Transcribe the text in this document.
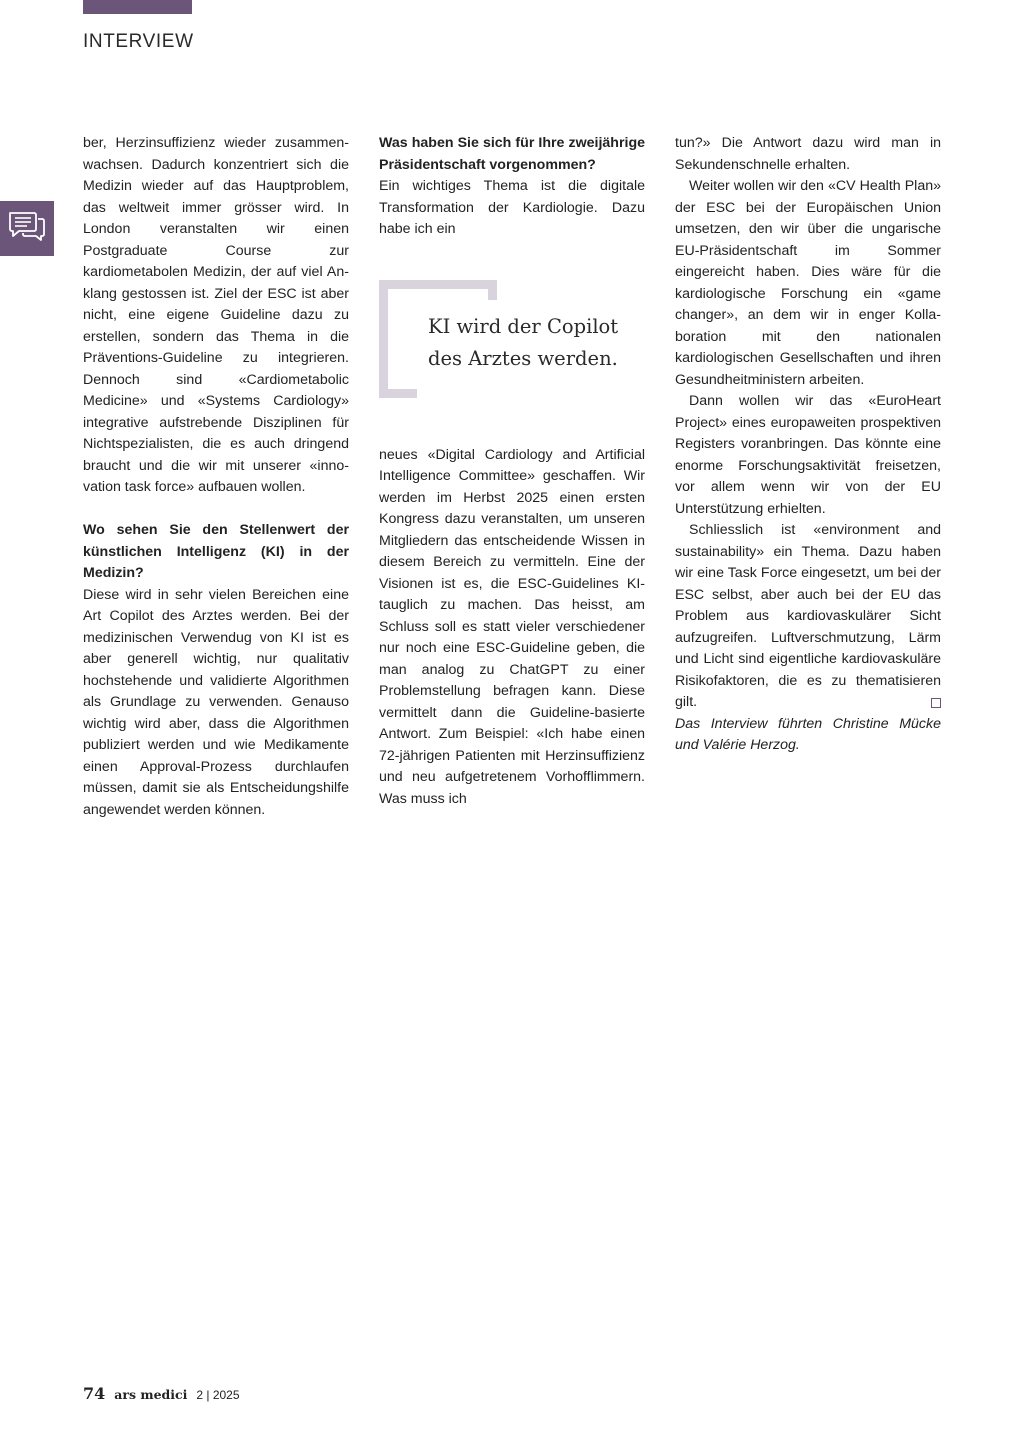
INTERVIEW

ber, Herzinsuffizienz wieder zusammenwachsen. Dadurch konzentriert sich die Medizin wieder auf das Hauptproblem, das weltweit immer grösser wird. In London veranstalten wir einen Postgraduate Course zur kardiometabolen Medizin, der auf viel Anklang gestossen ist. Ziel der ESC ist aber nicht, eine eigene Guideline dazu zu erstellen, sondern das Thema in die Präventions-Guideline zu integrieren. Dennoch sind «Cardiometabolic Medicine» und «Systems Cardiology» integrative aufstrebende Disziplinen für Nichtspezialisten, die es auch dringend braucht und die wir mit unserer «innovation task force» aufbauen wollen.

Wo sehen Sie den Stellenwert der künstlichen Intelligenz (KI) in der Medizin?

Diese wird in sehr vielen Bereichen eine Art Copilot des Arztes werden. Bei der medizinischen Verwendug von KI ist es aber generell wichtig, nur qualitativ hochstehende und validierte Algorithmen als Grundlage zu verwenden. Genauso wichtig wird aber, dass die Algorithmen publiziert werden und wie Medikamente einen Approval-Prozess durchlaufen müssen, damit sie als Entscheidungshilfe angewendet werden können.

Was haben Sie sich für Ihre zweijährige Präsidentschaft vorgenommen?

Ein wichtiges Thema ist die digitale Transformation der Kardiologie. Dazu habe ich ein

KI wird der Copilot des Arztes werden.

neues «Digital Cardiology and Artificial Intelligence Committee» geschaffen. Wir werden im Herbst 2025 einen ersten Kongress dazu veranstalten, um unseren Mitgliedern das entscheidende Wissen in diesem Bereich zu vermitteln. Eine der Visionen ist es, die ESC-Guidelines KI-tauglich zu machen. Das heisst, am Schluss soll es statt vieler verschiedener nur noch eine ESC-Guideline geben, die man analog zu ChatGPT zu einer Problemstellung befragen kann. Diese vermittelt dann die Guideline-basierte Antwort. Zum Beispiel: «Ich habe einen 72-jährigen Patienten mit Herzinsuffizienz und neu aufgetretenem Vorhofflimmern. Was muss ich

tun?» Die Antwort dazu wird man in Sekundenschnelle erhalten.

Weiter wollen wir den «CV Health Plan» der ESC bei der Europäischen Union umsetzen, den wir über die ungarische EU-Präsidentschaft im Sommer eingereicht haben. Dies wäre für die kardiologische Forschung ein «game changer», an dem wir in enger Kollaboration mit den nationalen kardiologischen Gesellschaften und ihren Gesundheitministern arbeiten.

Dann wollen wir das «EuroHeart Project» eines europaweiten prospektiven Registers voranbringen. Das könnte eine enorme Forschungsaktivität freisetzen, vor allem wenn wir von der EU Unterstützung erhielten.

Schliesslich ist «environment and sustainability» ein Thema. Dazu haben wir eine Task Force eingesetzt, um bei der ESC selbst, aber auch bei der EU das Problem aus kardiovaskulärer Sicht aufzugreifen. Luftverschmutzung, Lärm und Licht sind eigentliche kardiovaskuläre Risikofaktoren, die es zu thematisieren gilt.

Das Interview führten Christine Mücke und Valérie Herzog.

74 ars medici 2 | 2025
